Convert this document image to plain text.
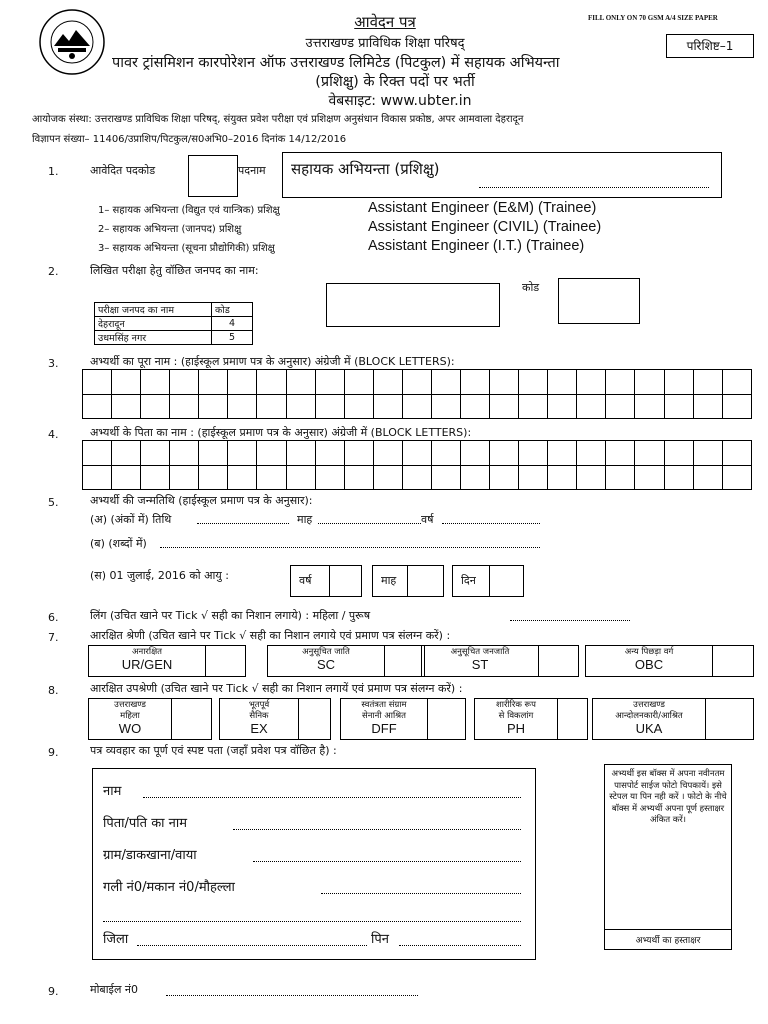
आवेदन पत्र	FILL ONLY ON 70 GSM A/4 SIZE PAPER
परिशिष्ट–1
उत्तराखण्ड प्राविधिक शिक्षा परिषद्
पावर ट्रांसमिशन कारपोरेशन ऑफ उत्तराखण्ड लिमिटेड (पिटकुल) में सहायक अभियन्ता
(प्रशिक्षु) के रिक्त पदों पर भर्ती
वेबसाइट: www.ubter.in
आयोजक संस्था: उत्तराखण्ड प्राविधिक शिक्षा परिषद्, संयुक्त प्रवेश परीक्षा एवं प्रशिक्षण अनुसंधान विकास प्रकोष्ठ, अपर आमवाला देहरादून
विज्ञापन संख्या– 11406/उप्राशिप/पिटकुल/स0अभि0–2016 दिनांक 14/12/2016
1.	आवेदित पदकोड	पदनाम सहायक अभियन्ता (प्रशिक्षु)
1– सहायक अभियन्ता (विद्युत एवं यान्त्रिक) प्रशिक्षु	Assistant Engineer (E&M) (Trainee)
2– सहायक अभियन्ता (जानपद) प्रशिक्षु	Assistant Engineer (CIVIL) (Trainee)
3– सहायक अभियन्ता (सूचना प्रौद्योगिकी) प्रशिक्षु	Assistant Engineer (I.T.) (Trainee)
2.	लिखित परीक्षा हेतु वॉछित जनपद का नाम:
कोड
परीक्षा जनपद का नाम	कोड
देहरादून	4
उधमसिंह नगर	5
3.	अभ्यर्थी का पूरा नाम : (हाईस्कूल प्रमाण पत्र के अनुसार) अंग्रेजी में (BLOCK LETTERS):

4.	अभ्यर्थी के पिता का नाम : (हाईस्कूल प्रमाण पत्र के अनुसार) अंग्रेजी में (BLOCK LETTERS):

5.	अभ्यर्थी की जन्मतिथि (हाईस्कूल प्रमाण पत्र के अनुसार):
(अ) (अंकों में) तिथि	माह	वर्ष
(ब) (शब्दों में)
(स) 01 जुलाई, 2016 को आयु :	वर्ष	माह	दिन
6.	लिंग (उचित खाने पर Tick √ सही का निशान लगाये) : महिला / पुरूष
7.	आरक्षित श्रेणी (उचित खाने पर Tick √ सही का निशान लगाये एवं प्रमाण पत्र संलग्न करें) :
अनारक्षित
UR/GEN
अनुसूचित जाति
SC
अनुसूचित जनजाति
ST
अन्य पिछड़ा वर्ग
OBC
8.	आरक्षित उपश्रेणी (उचित खाने पर Tick √ सही का निशान लगायें एवं प्रमाण पत्र संलग्न करें) :
उत्तराखण्ड
महिला
WO
भूतपूर्व
सैनिक
EX
स्वतंत्रता संग्राम
सेनानी आश्रित
DFF
शारीरिक रूप
से विकलांग
PH
उत्तराखण्ड
आन्दोलनकारी/आश्रित
UKA
9.	पत्र व्यवहार का पूर्ण एवं स्पष्ट पता (जहाँ प्रवेश पत्र वॉछित है) :
नाम
पिता/पति का नाम
ग्राम/डाकखाना/वाया
गली नं0/मकान नं0/मौहल्ला
जिला	पिन
अभ्यर्थी इस बॉक्स में अपना नवीनतम पासपोर्ट साईज फोटो चिपकायें। इसे स्टेपल या पिन नही करें । फोटो के नीचे बॉक्स में अभ्यर्थी अपना पूर्ण हस्ताक्षर अंकित करें।
अभ्यर्थी का हस्ताक्षर
9.	मोबाईल नं0
